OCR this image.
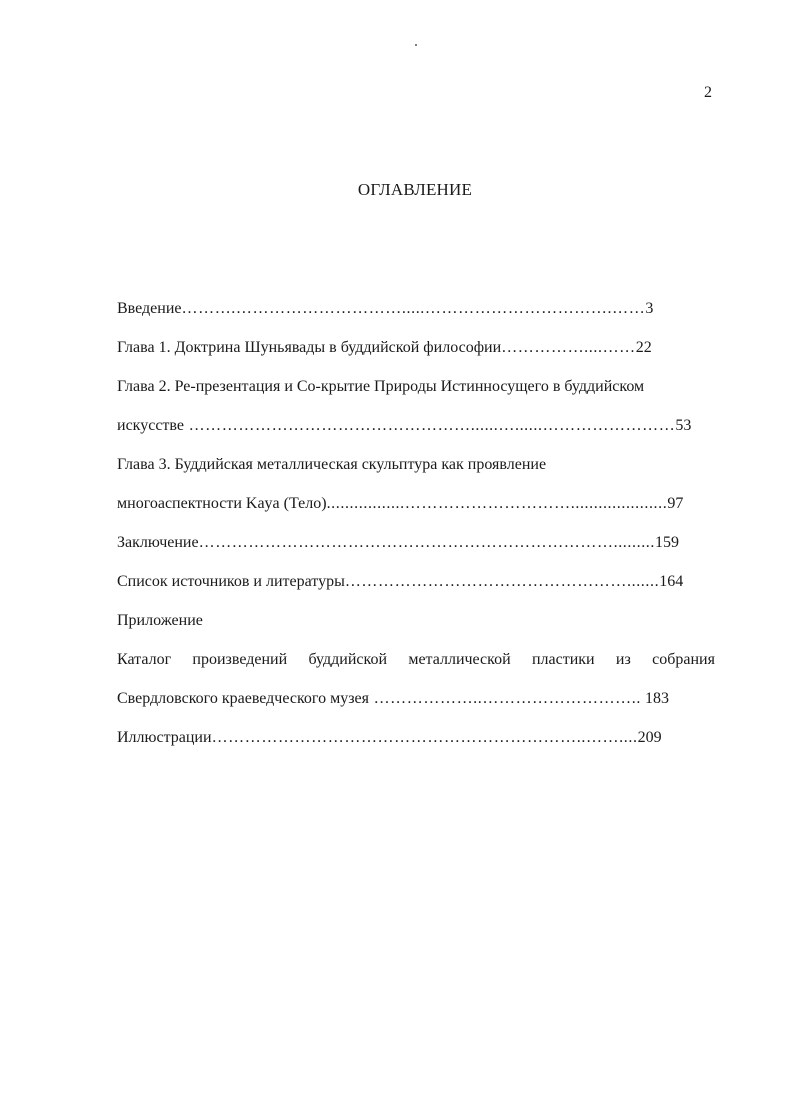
2
ОГЛАВЛЕНИЕ
Введение……….………………………….....…………………………….……3
Глава 1. Доктрина Шуньявады в буддийской философии……………....……22
Глава 2. Ре-презентация и Со-крытие Природы Истинносущего в буддийском
искусстве ……………………………………………......…......……………………53
Глава 3. Буддийская металлическая скульптура как проявление
многоаспектности Kaya (Тело).................………………………….....................97
Заключение………………………………………………………………….........159
Список источников и литературы…………………………………………….......164
Приложение
Каталог произведений буддийской металлической пластики из собрания
Свердловского краеведческого музея ………………..……………………….. 183
Иллюстрации…………………………………………………………..……....209
